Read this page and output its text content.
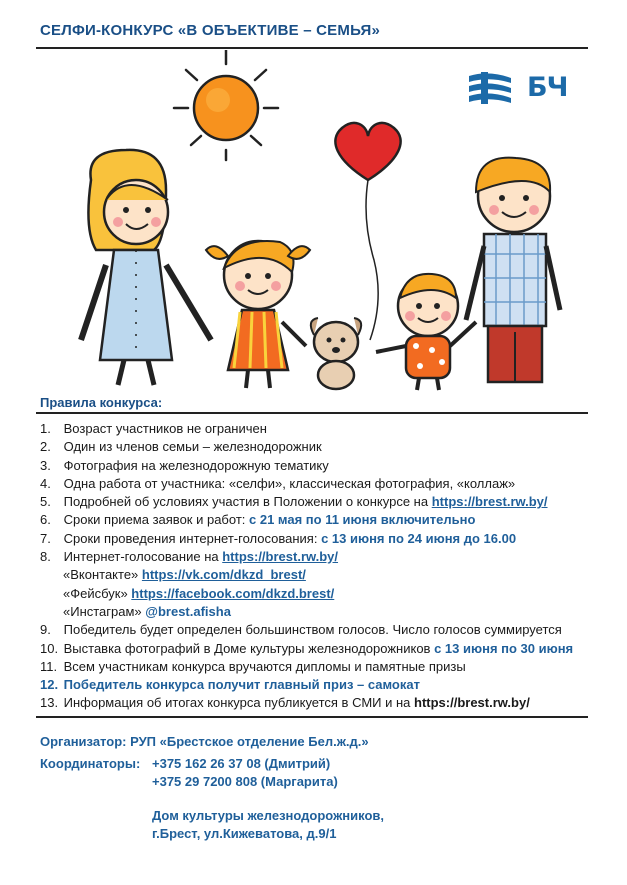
СЕЛФИ-КОНКУРС «В ОБЪЕКТИВЕ – СЕМЬЯ»
БЧ
Правила конкурса:
1. Возраст участников не ограничен
2. Один из членов семьи – железнодорожник
3. Фотография на железнодорожную тематику
4. Одна работа от участника: «селфи», классическая фотография, «коллаж»
5. Подробней об условиях участия в Положении о конкурсе на https://brest.rw.by/
6. Сроки приема заявок и работ: с 21 мая по 11 июня включительно
7. Сроки проведения интернет-голосования: с 13 июня по 24 июня до 16.00
8. Интернет-голосование на https://brest.rw.by/
«Вконтакте» https://vk.com/dkzd_brest/
«Фейсбук» https://facebook.com/dkzd.brest/
«Инстаграм» @brest.afisha
9. Победитель будет определен большинством голосов. Число голосов суммируется
10. Выставка фотографий в Доме культуры железнодорожников с 13 июня по 30 июня
11. Всем участникам конкурса вручаются дипломы и памятные призы
12. Победитель конкурса получит главный приз – самокат
13. Информация об итогах конкурса публикуется в СМИ и на https://brest.rw.by/
Организатор: РУП «Брестское отделение Бел.ж.д.»
Координаторы: +375 162 26 37 08 (Дмитрий)
+375 29 7200 808 (Маргарита)
Дом культуры железнодорожников,
г.Брест, ул.Кижеватова, д.9/1
